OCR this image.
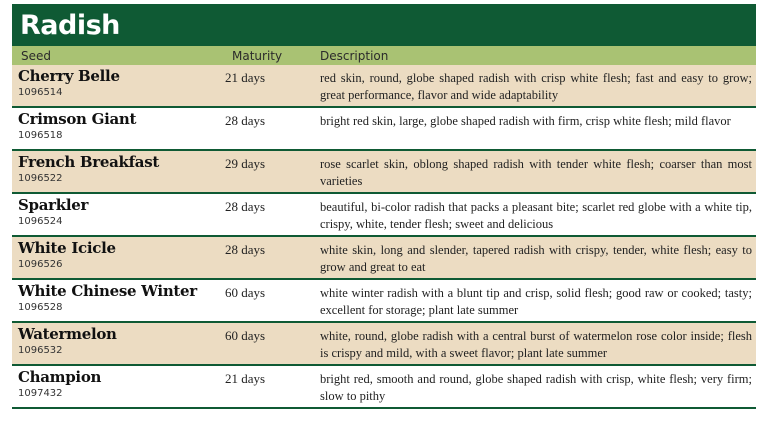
Radish
Seed	Maturity	Description
Cherry Belle
1096514
21 days	red skin, round, globe shaped radish with crisp white flesh; fast and easy to grow; great performance, flavor and wide adaptability
Crimson Giant
1096518
28 days	bright red skin, large, globe shaped radish with firm, crisp white flesh; mild flavor
French Breakfast
1096522
29 days	rose scarlet skin, oblong shaped radish with tender white flesh; coarser than most varieties
Sparkler
1096524
28 days	beautiful, bi-color radish that packs a pleasant bite; scarlet red globe with a white tip, crispy, white, tender flesh; sweet and delicious
White Icicle
1096526
28 days	white skin, long and slender, tapered radish with crispy, tender, white flesh; easy to grow and great to eat
White Chinese Winter
1096528
60 days	white winter radish with a blunt tip and crisp, solid flesh; good raw or cooked; tasty; excellent for storage; plant late summer
Watermelon
1096532
60 days	white, round, globe radish with a central burst of watermelon rose color inside; flesh is crispy and mild, with a sweet flavor; plant late summer
Champion
1097432
21 days	bright red, smooth and round, globe shaped radish with crisp, white flesh; very firm; slow to pithy
